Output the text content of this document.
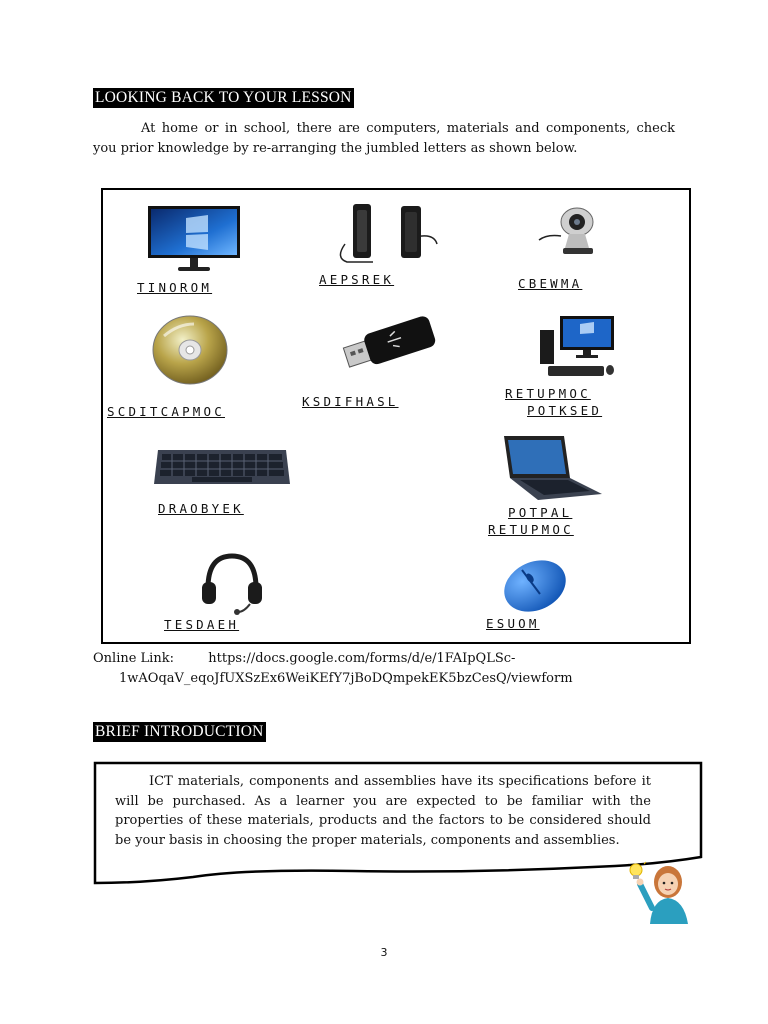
LOOKING BACK TO YOUR LESSON

At home or in school, there are computers, materials and components, check you prior knowledge by re-arranging the jumbled letters as shown below.

TINOROM
AEPSREK	CBEWMA
SCDITCAPMOC
KSDIFHASL
RETUPMOC
POTKSED
DRAOBYEK	POTPAL
RETUPMOC
TESDAEH	ESUOM
Online Link:	https://docs.google.com/forms/d/e/1FAIpQLSc-
1wAOqaV_eqoJfUXSzEx6WeiKEfY7jBoDQmpekEK5bzCesQ/viewform
BRIEF INTRODUCTION

ICT materials, components and assemblies have its specifications before it will be purchased. As a learner you are expected to be familiar with the properties of these materials, products and the factors to be considered should be your basis in choosing the proper materials, components and assemblies.

3
